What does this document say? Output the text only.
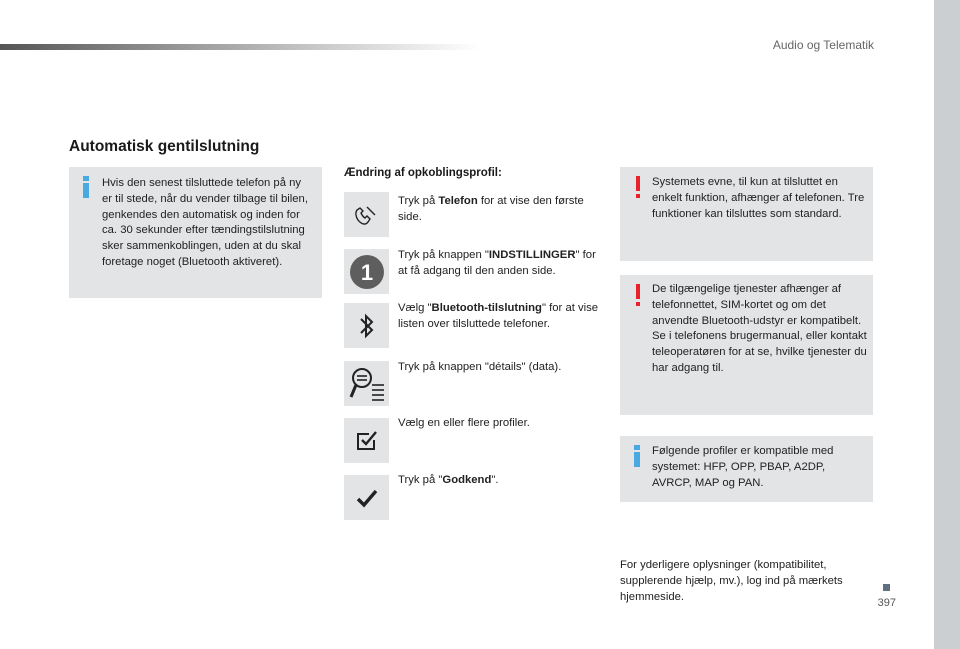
Audio og Telematik
397
Automatisk gentilslutning

Hvis den senest tilsluttede telefon på ny er til stede, når du vender tilbage til bilen, genkendes den automatisk og inden for ca. 30 sekunder efter tændingstilslutning sker sammenkoblingen, uden at du skal foretage noget (Bluetooth aktiveret).

Ændring af opkoblingsprofil:
Tryk på Telefon for at vise den første side.
1
Tryk på knappen "INDSTILLINGER" for at få adgang til den anden side.
Vælg "Bluetooth-tilslutning" for at vise listen over tilsluttede telefoner.
Tryk på knappen "détails" (data).
Vælg en eller flere profiler.
Tryk på "Godkend".

Systemets evne, til kun at tilsluttet en enkelt funktion, afhænger af telefonen. Tre funktioner kan tilsluttes som standard.

De tilgængelige tjenester afhænger af telefonnettet, SIM-kortet og om det anvendte Bluetooth-udstyr er kompatibelt. Se i telefonens brugermanual, eller kontakt teleoperatøren for at se, hvilke tjenester du har adgang til.

Følgende profiler er kompatible med systemet: HFP, OPP, PBAP, A2DP, AVRCP, MAP og PAN.

For yderligere oplysninger (kompatibilitet, supplerende hjælp, mv.), log ind på mærkets hjemmeside.
